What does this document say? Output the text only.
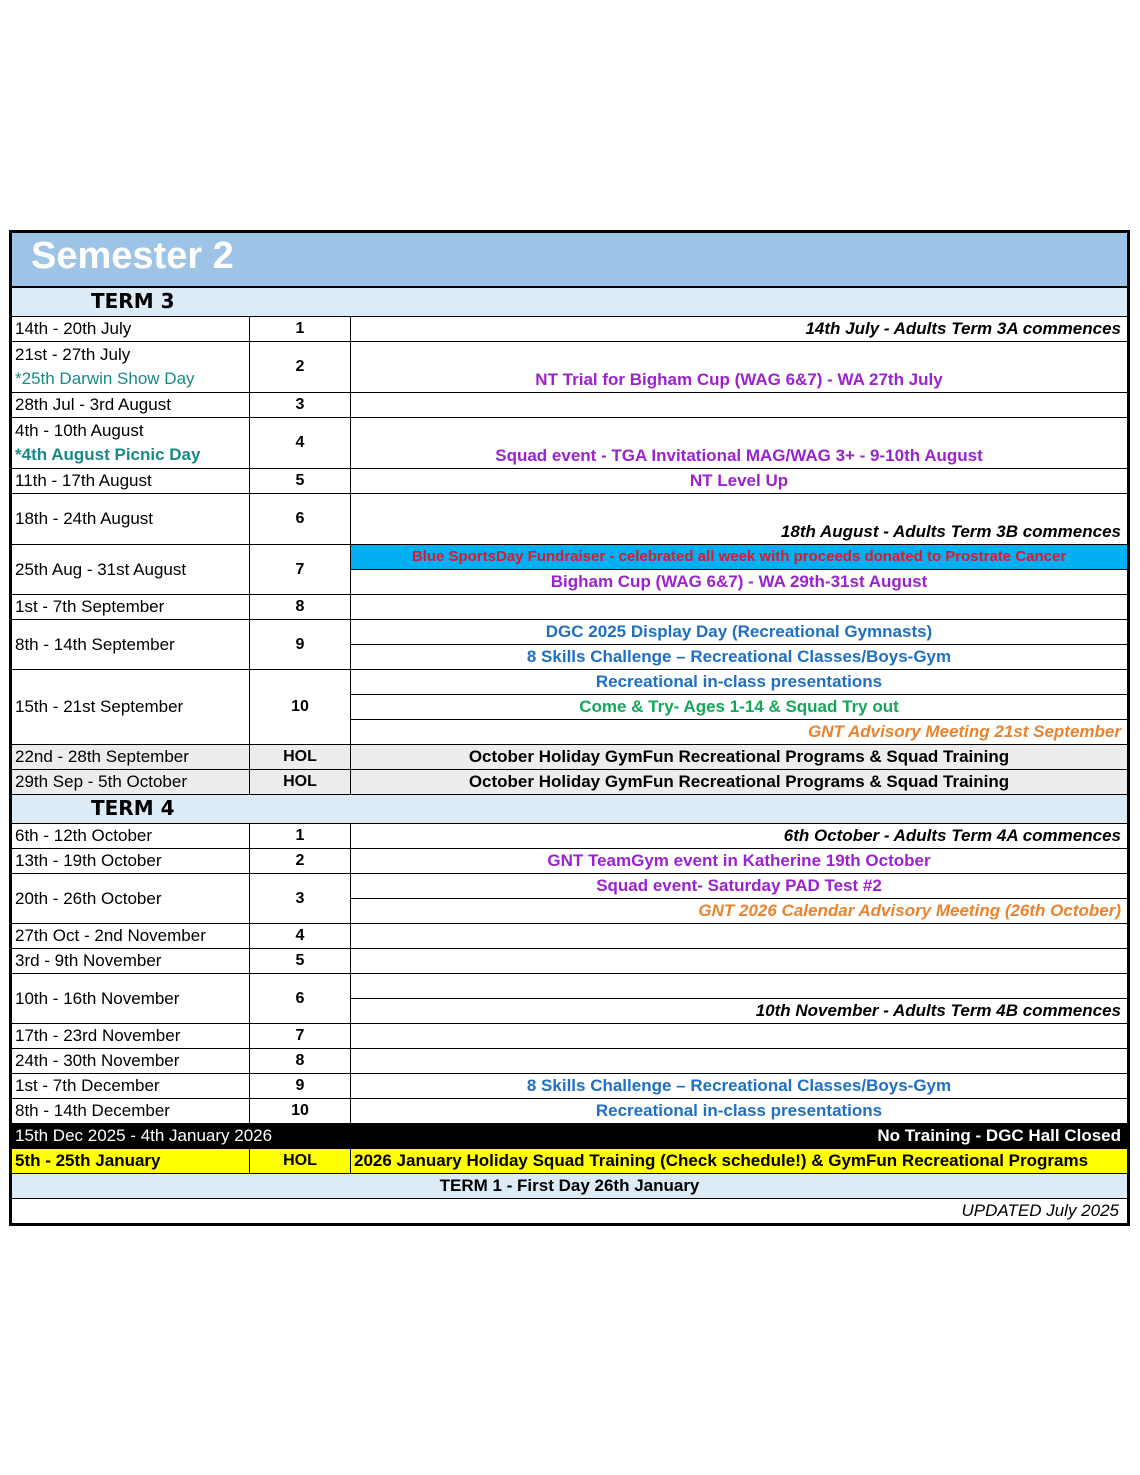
Semester 2		
TERM 3		
14th - 20th July	1	14th July - Adults Term 3A commences

21st - 27th July
*25th Darwin Show Day	2	NT Trial for Bigham Cup (WAG 6&7) - WA 27th July
28th Jul - 3rd August	3	

4th - 10th August
*4th August Picnic Day	4	Squad event - TGA Invitational MAG/WAG 3+ - 9-10th August
11th - 17th August	5	NT Level Up
18th - 24th August	6	18th August - Adults Term 3B commences
25th Aug - 31st August	7	Blue SportsDay Fundraiser - celebrated all week with proceeds donated to Prostrate Cancer
		Bigham Cup (WAG 6&7) - WA 29th-31st August
1st - 7th September	8	
8th - 14th September	9	DGC 2025 Display Day (Recreational Gymnasts)
		8 Skills Challenge – Recreational Classes/Boys-Gym
15th - 21st September	10	Recreational in-class presentations
		Come & Try- Ages 1-14 & Squad Try out
		GNT Advisory Meeting 21st September
22nd - 28th September	HOL	October Holiday GymFun Recreational Programs & Squad Training
29th Sep - 5th October	HOL	October Holiday GymFun Recreational Programs & Squad Training
TERM 4		
6th - 12th October	1	6th October - Adults Term 4A commences
13th - 19th October	2	GNT TeamGym event in Katherine 19th October
20th - 26th October	3	Squad event- Saturday PAD Test #2
		GNT 2026 Calendar Advisory Meeting (26th October)
27th Oct - 2nd November	4	
3rd - 9th November	5	
10th - 16th November	6	
		10th November - Adults Term 4B commences
17th - 23rd November	7	
24th - 30th November	8	
1st - 7th December	9	8 Skills Challenge – Recreational Classes/Boys-Gym
8th - 14th December	10	Recreational in-class presentations
15th Dec 2025 - 4th January 2026		No Training - DGC Hall Closed
5th - 25th January	HOL	2026 January Holiday Squad Training (Check schedule!) & GymFun Recreational Programs
TERM 1 - First Day 26th January		
UPDATED July 2025		
